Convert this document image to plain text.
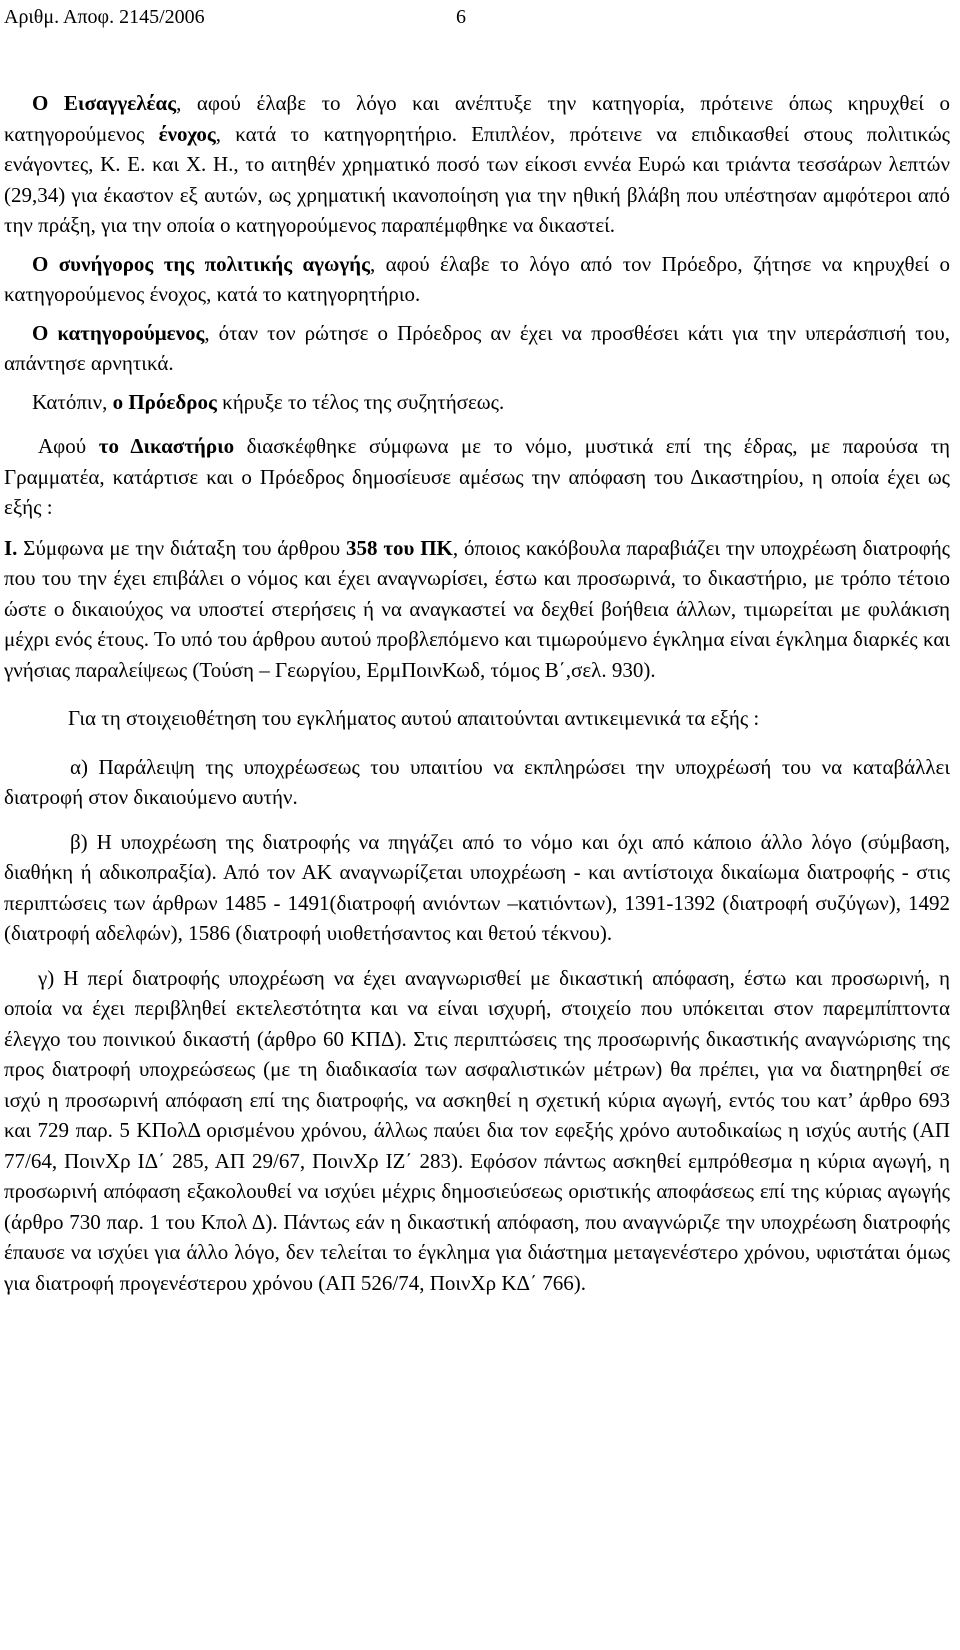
Αριθμ. Αποφ. 2145/2006	6

Ο Εισαγγελέας, αφού έλαβε το λόγο και ανέπτυξε την κατηγορία, πρότεινε όπως κηρυχθεί ο κατηγορούμενος ένοχος, κατά το κατηγορητήριο. Επιπλέον, πρότεινε να επιδικασθεί στους πολιτικώς ενάγοντες, Κ. Ε. και Χ. Η., το αιτηθέν χρηματικό ποσό των είκοσι εννέα Ευρώ και τριάντα τεσσάρων λεπτών (29,34) για έκαστον εξ αυτών, ως χρηματική ικανοποίηση για την ηθική βλάβη που υπέστησαν αμφότεροι από την πράξη, για την οποία ο κατηγορούμενος παραπέμφθηκε να δικαστεί.

Ο συνήγορος της πολιτικής αγωγής, αφού έλαβε το λόγο από τον Πρόεδρο, ζήτησε να κηρυχθεί ο κατηγορούμενος ένοχος, κατά το κατηγορητήριο.

Ο κατηγορούμενος, όταν τον ρώτησε ο Πρόεδρος αν έχει να προσθέσει κάτι για την υπεράσπισή του, απάντησε αρνητικά.

Κατόπιν, ο Πρόεδρος κήρυξε το τέλος της συζητήσεως.

Αφού το Δικαστήριο διασκέφθηκε σύμφωνα με το νόμο, μυστικά επί της έδρας, με παρούσα τη Γραμματέα, κατάρτισε και ο Πρόεδρος δημοσίευσε αμέσως την απόφαση του Δικαστηρίου, η οποία έχει ως εξής :

Ι. Σύμφωνα με την διάταξη του άρθρου 358 του ΠΚ, όποιος κακόβουλα παραβιάζει την υποχρέωση διατροφής που του την έχει επιβάλει ο νόμος και έχει αναγνωρίσει, έστω και προσωρινά, το δικαστήριο, με τρόπο τέτοιο ώστε ο δικαιούχος να υποστεί στερήσεις ή να αναγκαστεί να δεχθεί βοήθεια άλλων, τιμωρείται με φυλάκιση μέχρι ενός έτους. Το υπό του άρθρου αυτού προβλεπόμενο και τιμωρούμενο έγκλημα είναι έγκλημα διαρκές και γνήσιας παραλείψεως (Τούση – Γεωργίου, ΕρμΠοινΚωδ, τόμος Β΄,σελ. 930).

Για τη στοιχειοθέτηση του εγκλήματος αυτού απαιτούνται αντικειμενικά τα εξής :

α) Παράλειψη της υποχρέωσεως του υπαιτίου να εκπληρώσει την υποχρέωσή του να καταβάλλει διατροφή στον δικαιούμενο αυτήν.

β) Η υποχρέωση της διατροφής να πηγάζει από το νόμο και όχι από κάποιο άλλο λόγο (σύμβαση, διαθήκη ή αδικοπραξία). Από τον ΑΚ αναγνωρίζεται υποχρέωση - και αντίστοιχα δικαίωμα διατροφής - στις περιπτώσεις των άρθρων 1485 - 1491(διατροφή ανιόντων –κατιόντων), 1391-1392 (διατροφή συζύγων), 1492 (διατροφή αδελφών), 1586 (διατροφή υιοθετήσαντος και θετού τέκνου).

γ) Η περί διατροφής υποχρέωση να έχει αναγνωρισθεί με δικαστική απόφαση, έστω και προσωρινή, η οποία να έχει περιβληθεί εκτελεστότητα και να είναι ισχυρή, στοιχείο που υπόκειται στον παρεμπίπτοντα έλεγχο του ποινικού δικαστή (άρθρο 60 ΚΠΔ). Στις περιπτώσεις της προσωρινής δικαστικής αναγνώρισης της προς διατροφή υποχρεώσεως (με τη διαδικασία των ασφαλιστικών μέτρων) θα πρέπει, για να διατηρηθεί σε ισχύ η προσωρινή απόφαση επί της διατροφής, να ασκηθεί η σχετική κύρια αγωγή, εντός του κατ’ άρθρο 693 και 729 παρ. 5 ΚΠολΔ ορισμένου χρόνου, άλλως παύει δια τον εφεξής χρόνο αυτοδικαίως η ισχύς αυτής (ΑΠ 77/64, ΠοινΧρ ΙΔ΄ 285, ΑΠ 29/67, ΠοινΧρ ΙΖ΄ 283). Εφόσον πάντως ασκηθεί εμπρόθεσμα η κύρια αγωγή, η προσωρινή απόφαση εξακολουθεί να ισχύει μέχρις δημοσιεύσεως οριστικής αποφάσεως επί της κύριας αγωγής (άρθρο 730 παρ. 1 του Κπολ Δ). Πάντως εάν η δικαστική απόφαση, που αναγνώριζε την υποχρέωση διατροφής έπαυσε να ισχύει για άλλο λόγο, δεν τελείται το έγκλημα για διάστημα μεταγενέστερο χρόνου, υφιστάται όμως για διατροφή προγενέστερου χρόνου (ΑΠ 526/74, ΠοινΧρ ΚΔ΄ 766).
